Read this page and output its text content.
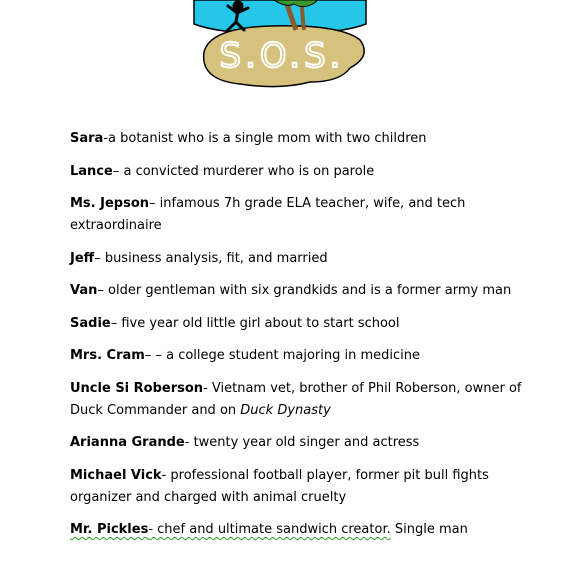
S.O.S.
Sara-a botanist who is a single mom with two children
Lance– a convicted murderer who is on parole
Ms. Jepson– infamous 7h grade ELA teacher, wife, and tech extraordinaire
Jeff– business analysis, fit, and married
Van– older gentleman with six grandkids and is a former army man
Sadie– five year old little girl about to start school
Mrs. Cram– – a college student majoring in medicine
Uncle Si Roberson- Vietnam vet, brother of Phil Roberson, owner of Duck Commander and on Duck Dynasty
Arianna Grande- twenty year old singer and actress
Michael Vick- professional football player, former pit bull fights organizer and charged with animal cruelty
Mr. Pickles- chef and ultimate sandwich creator. Single man
